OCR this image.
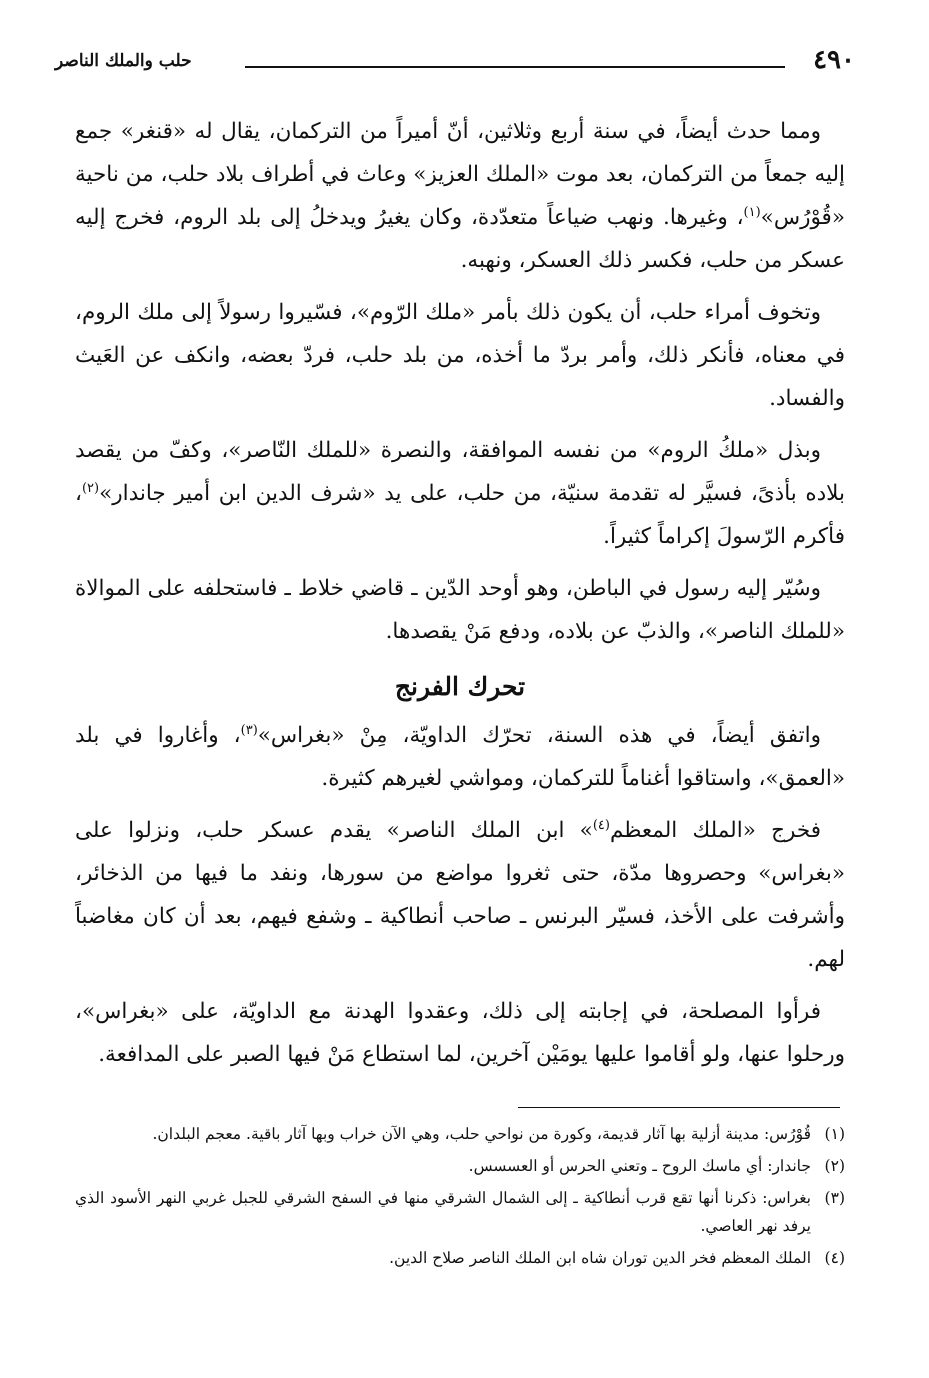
٤٩٠
حلب والملك الناصر

ومما حدث أيضاً، في سنة أربع وثلاثين، أنّ أميراً من التركمان، يقال له «قنغر» جمع إليه جمعاً من التركمان، بعد موت «الملك العزيز» وعاث في أطراف بلاد حلب، من ناحية «قُوْرُس»$^{(١)}$، وغيرها. ونهب ضياعاً متعدّدة، وكان يغيرُ ويدخلُ إلى بلد الروم، فخرج إليه عسكر من حلب، فكسر ذلك العسكر، ونهبه.

وتخوف أمراء حلب، أن يكون ذلك بأمر «ملك الرّوم»، فسّيروا رسولاً إلى ملك الروم، في معناه، فأنكر ذلك، وأمر بردّ ما أخذه، من بلد حلب، فردّ بعضه، وانكف عن العَيث والفساد.

وبذل «ملكُ الروم» من نفسه الموافقة، والنصرة «للملك النّاصر»، وكفّ من يقصد بلاده بأذىً، فسيَّر له تقدمة سنيّة، من حلب، على يد «شرف الدين ابن أمير جاندار»$^{(٢)}$، فأكرم الرّسولَ إكراماً كثيراً.

وسُيّر إليه رسول في الباطن، وهو أوحد الدّين ـ قاضي خلاط ـ فاستحلفه على الموالاة «للملك الناصر»، والذبّ عن بلاده، ودفع مَنْ يقصدها.

تحرك الفرنج

واتفق أيضاً، في هذه السنة، تحرّك الداويّة، مِنْ «بغراس»$^{(٣)}$، وأغاروا في بلد «العمق»، واستاقوا أغناماً للتركمان، ومواشي لغيرهم كثيرة.

فخرج «الملك المعظم$^{(٤)}$» ابن الملك الناصر» يقدم عسكر حلب، ونزلوا على «بغراس» وحصروها مدّة، حتى ثغروا مواضع من سورها، ونفد ما فيها من الذخائر، وأشرفت على الأخذ، فسيّر البرنس ـ صاحب أنطاكية ـ وشفع فيهم، بعد أن كان مغاضباً لهم.

فرأوا المصلحة، في إجابته إلى ذلك، وعقدوا الهدنة مع الداويّة، على «بغراس»، ورحلوا عنها، ولو أقاموا عليها يومَيْن آخرين، لما استطاع مَنْ فيها الصبر على المدافعة.

(١)قُوْرُس: مدينة أزلية بها آثار قديمة، وكورة من نواحي حلب، وهي الآن خراب وبها آثار باقية. معجم البلدان.
(٢)جاندار: أي ماسك الروح ـ وتعني الحرس أو العسسس.
(٣)بغراس: ذكرنا أنها تقع قرب أنطاكية ـ إلى الشمال الشرقي منها في السفح الشرقي للجبل غربي النهر الأسود الذي يرفد نهر العاصي.
(٤)الملك المعظم فخر الدين توران شاه ابن الملك الناصر صلاح الدين.
